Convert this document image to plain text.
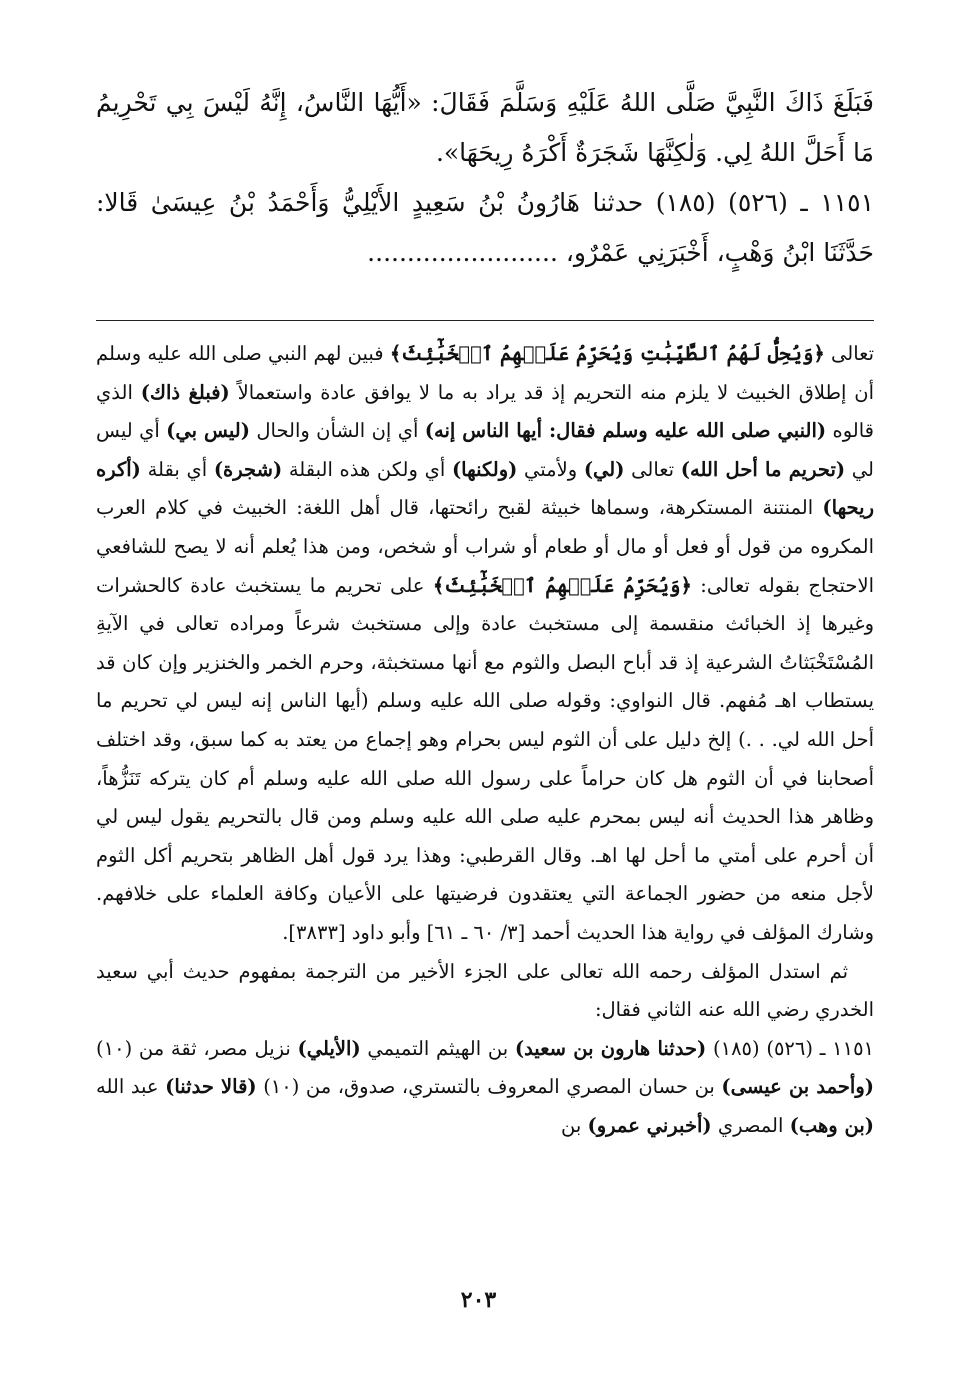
فَبَلَغَ ذَاكَ النَّبِيَّ صَلَّى اللهُ عَلَيْهِ وَسَلَّمَ فَقَالَ: «أَيُّهَا النَّاسُ، إِنَّهُ لَيْسَ بِي تَحْرِيمُ مَا أَحَلَّ اللهُ لِي. وَلٰكِنَّهَا شَجَرَةٌ أَكْرَهُ رِيحَهَا».

١١٥١ ـ (٥٢٦) (١٨٥) حدثنا هَارُونُ بْنُ سَعِيدٍ الأَيْلِيُّ وَأَحْمَدُ بْنُ عِيسَىٰ قَالا: حَدَّثَنَا ابْنُ وَهْبٍ، أَخْبَرَنِي عَمْرٌو، ........................

تعالى ﴿وَيُحِلُّ لَهُمُ ٱلطَّيِّبَٰتِ وَيُحَرِّمُ عَلَيۡهِمُ ٱلۡخَبَٰٓئِثَ﴾ فبين لهم النبي صلى الله عليه وسلم أن إطلاق الخبيث لا يلزم منه التحريم إذ قد يراد به ما لا يوافق عادة واستعمالاً (فبلغ ذاك) الذي قالوه (النبي صلى الله عليه وسلم فقال: أيها الناس إنه) أي إن الشأن والحال (ليس بي) أي ليس لي (تحريم ما أحل الله) تعالى (لي) ولأمتي (ولكنها) أي ولكن هذه البقلة (شجرة) أي بقلة (أكره ريحها) المنتنة المستكرهة، وسماها خبيثة لقبح رائحتها، قال أهل اللغة: الخبيث في كلام العرب المكروه من قول أو فعل أو مال أو طعام أو شراب أو شخص، ومن هذا يُعلم أنه لا يصح للشافعي الاحتجاج بقوله تعالى: ﴿وَيُحَرِّمُ عَلَيۡهِمُ ٱلۡخَبَٰٓئِثَ﴾ على تحريم ما يستخبث عادة كالحشرات وغيرها إذ الخبائث منقسمة إلى مستخبث عادة وإلى مستخبث شرعاً ومراده تعالى في الآيةِ المُسْتَخْبَثاتُ الشرعية إذ قد أباح البصل والثوم مع أنها مستخبثة، وحرم الخمر والخنزير وإن كان قد يستطاب اهـ مُفهم. قال النواوي: وقوله صلى الله عليه وسلم (أيها الناس إنه ليس لي تحريم ما أحل الله لي. . .) إلخ دليل على أن الثوم ليس بحرام وهو إجماع من يعتد به كما سبق، وقد اختلف أصحابنا في أن الثوم هل كان حراماً على رسول الله صلى الله عليه وسلم أم كان يتركه تَنَزُّهاً، وظاهر هذا الحديث أنه ليس بمحرم عليه صلى الله عليه وسلم ومن قال بالتحريم يقول ليس لي أن أحرم على أمتي ما أحل لها اهـ. وقال القرطبي: وهذا يرد قول أهل الظاهر بتحريم أكل الثوم لأجل منعه من حضور الجماعة التي يعتقدون فرضيتها على الأعيان وكافة العلماء على خلافهم. وشارك المؤلف في رواية هذا الحديث أحمد [٣/ ٦٠ ـ ٦١] وأبو داود [٣٨٣٣].

ثم استدل المؤلف رحمه الله تعالى على الجزء الأخير من الترجمة بمفهوم حديث أبي سعيد الخدري رضي الله عنه الثاني فقال:

١١٥١ ـ (٥٢٦) (١٨٥) (حدثنا هارون بن سعيد) بن الهيثم التميمي (الأيلي) نزيل مصر، ثقة من (١٠) (وأحمد بن عيسى) بن حسان المصري المعروف بالتستري، صدوق، من (١٠) (قالا حدثنا) عبد الله (بن وهب) المصري (أخبرني عمرو) بن

٢٠٣
